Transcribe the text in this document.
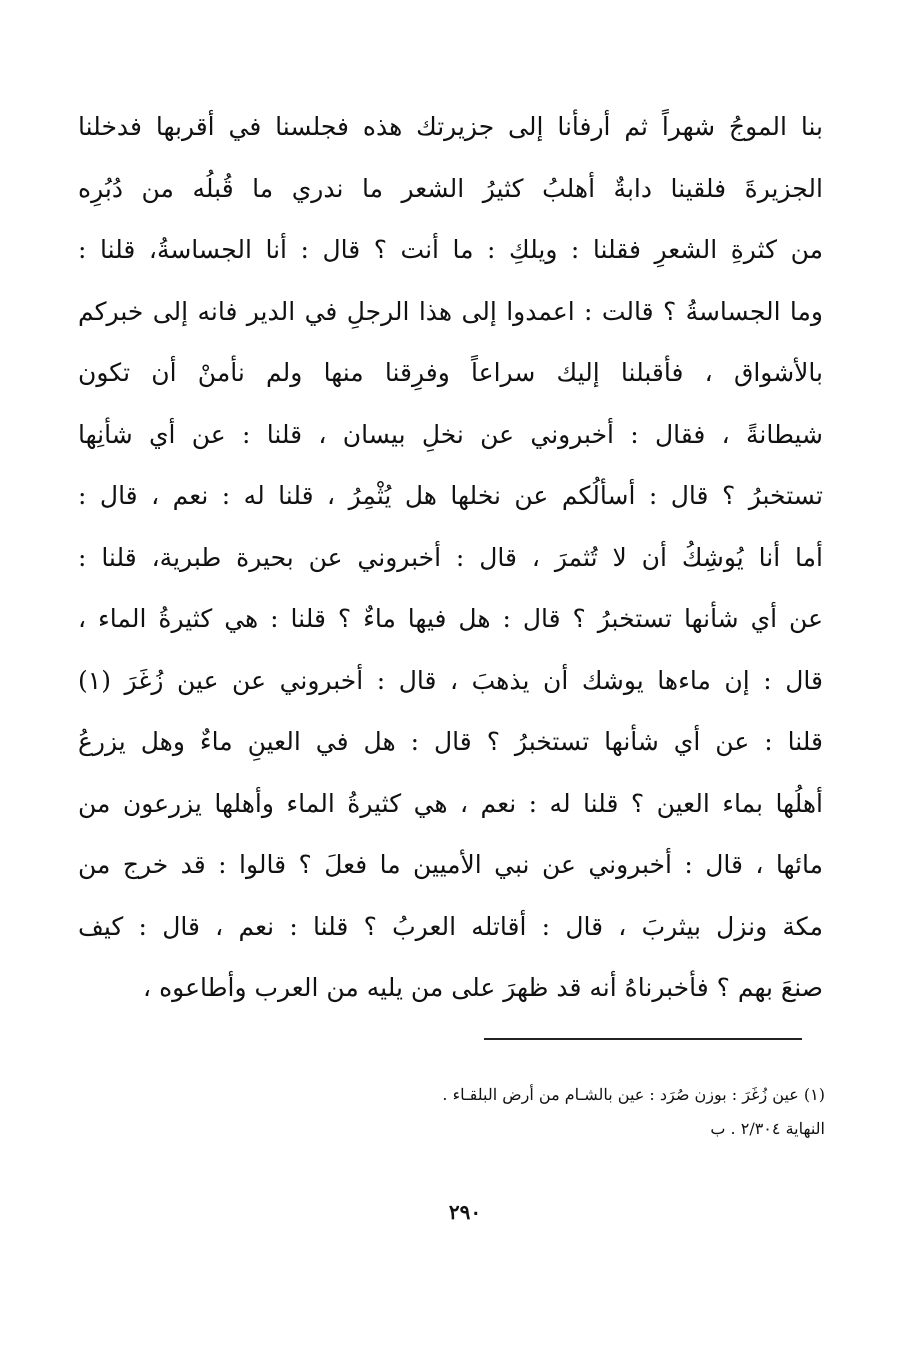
بنا الموجُ شهراً ثم أرفأنا إلى جزيرتك هذه فجلسنا في أقربها فدخلنا
الجزيرةَ فلقينا دابةٌ أهلبُ كثيرُ الشعر ما ندري ما قُبلُه من دُبُرِه
من كثرةِ الشعرِ فقلنا : ويلكِ : ما أنت ؟ قال : أنا الجساسةُ، قلنا :
وما الجساسةُ ؟ قالت : اعمدوا إلى هذا الرجلِ في الدير فانه إلى خبركم
بالأشواق ، فأقبلنا إليك سراعاً وفرِقنا منها ولم نأمنْ أن تكون
شيطانةً ، فقال : أخبروني عن نخلِ بيسان ، قلنا : عن أي شأنِها
تستخبرُ ؟ قال : أسألُكم عن نخلها هل يُثْمِرُ ، قلنا له : نعم ، قال :
أما أنا يُوشِكُ أن لا تُثمرَ ، قال : أخبروني عن بحيرة طبرية، قلنا :
عن أي شأنها تستخبرُ ؟ قال : هل فيها ماءٌ ؟ قلنا : هي كثيرةُ الماء ،
قال : إن ماءها يوشك أن يذهبَ ، قال : أخبروني عن عين زُغَرَ (١)
قلنا : عن أي شأنها تستخبرُ ؟ قال : هل في العينِ ماءٌ وهل يزرعُ
أهلُها بماء العين ؟ قلنا له : نعم ، هي كثيرةُ الماء وأهلها يزرعون من
مائها ، قال : أخبروني عن نبي الأميين ما فعلَ ؟ قالوا : قد خرج من
مكة ونزل بيثربَ ، قال : أقاتله العربُ ؟ قلنا : نعم ، قال : كيف
صنعَ بهم ؟ فأخبرناهُ أنه قد ظهرَ على من يليه من العرب وأطاعوه ،
(١) عين زُغَرَ : بوزن صُرَد : عين بالشـام من أرض البلقـاء .
النهاية ٢/٣٠٤ . ب
٢٩٠
